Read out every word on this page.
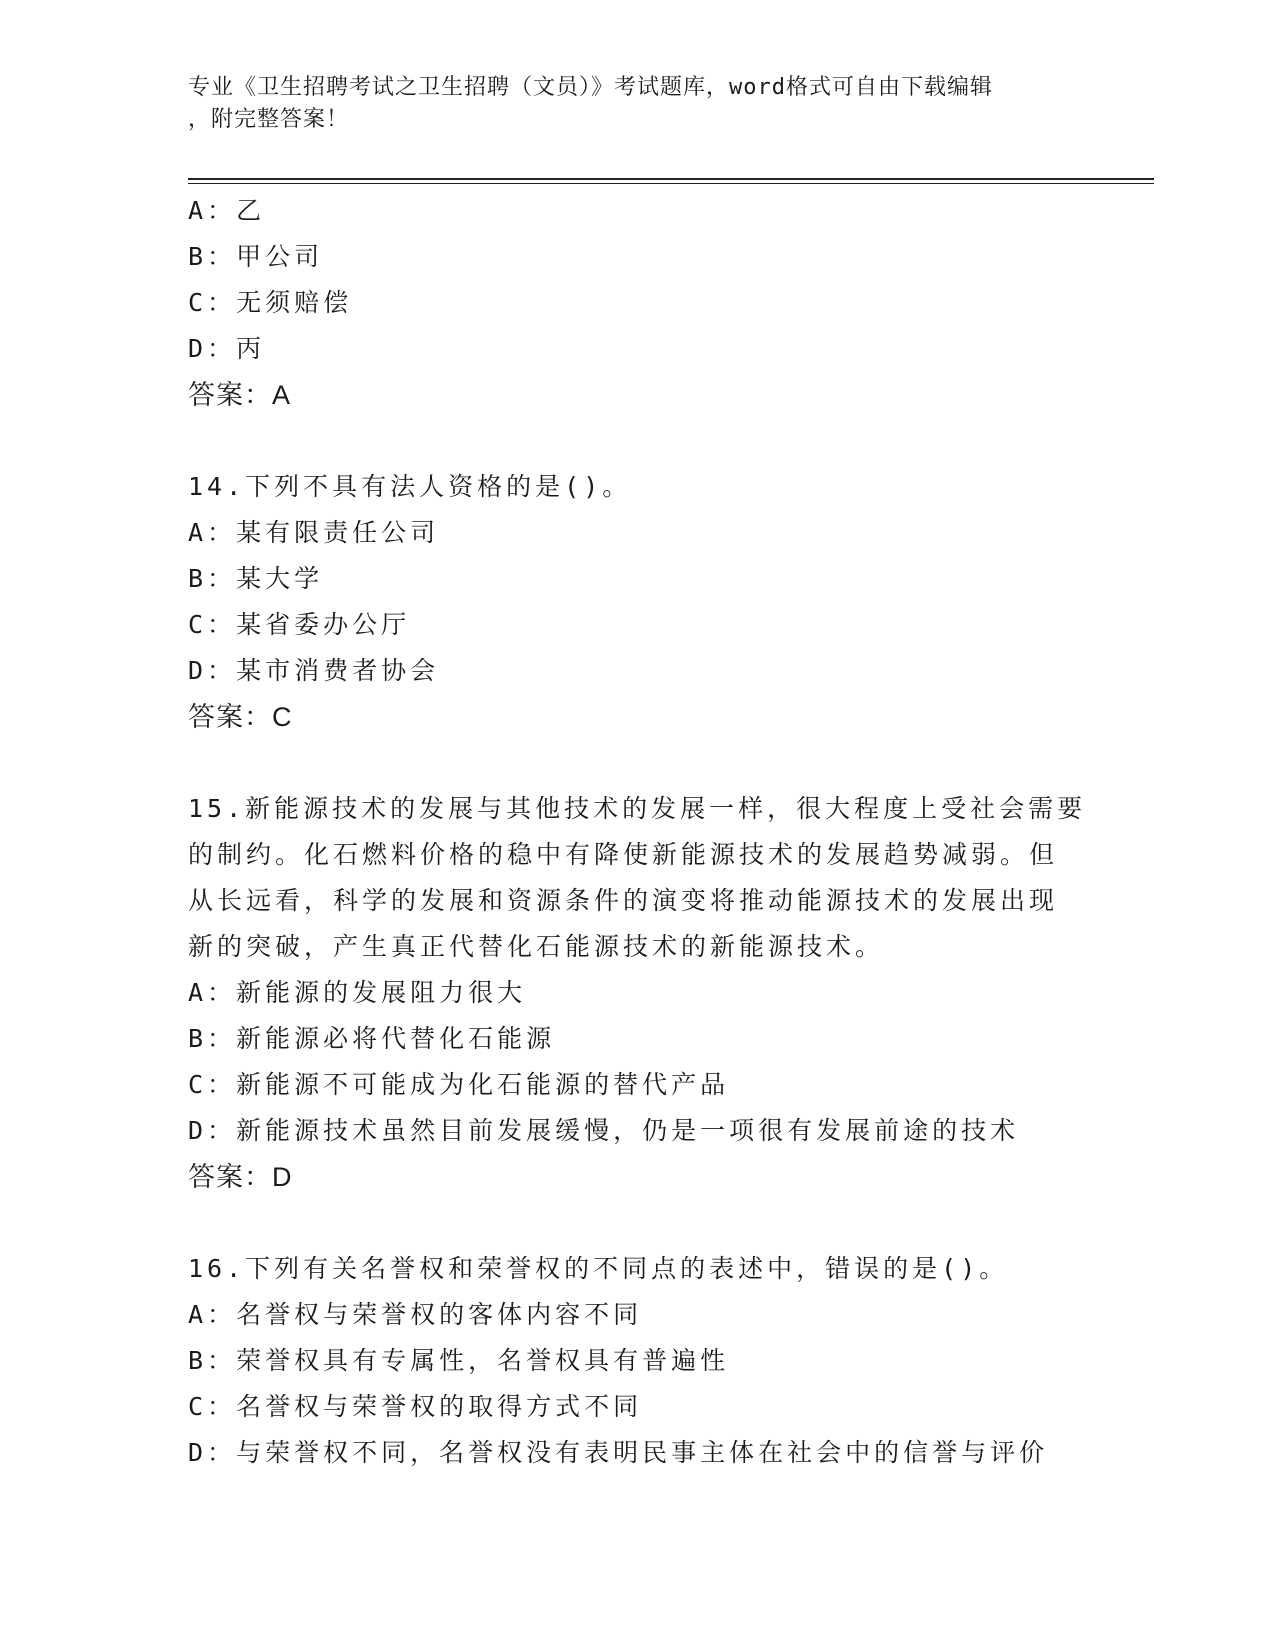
专业《卫生招聘考试之卫生招聘（文员）》考试题库，word格式可自由下载编辑
，附完整答案！
A：乙
B：甲公司
C：无须赔偿
D：丙
答案：A
14.下列不具有法人资格的是()。
A：某有限责任公司
B：某大学
C：某省委办公厅
D：某市消费者协会
答案：C
15.新能源技术的发展与其他技术的发展一样，很大程度上受社会需要
的制约。化石燃料价格的稳中有降使新能源技术的发展趋势减弱。但
从长远看，科学的发展和资源条件的演变将推动能源技术的发展出现
新的突破，产生真正代替化石能源技术的新能源技术。
A：新能源的发展阻力很大
B：新能源必将代替化石能源
C：新能源不可能成为化石能源的替代产品
D：新能源技术虽然目前发展缓慢，仍是一项很有发展前途的技术
答案：D
16.下列有关名誉权和荣誉权的不同点的表述中，错误的是()。
A：名誉权与荣誉权的客体内容不同
B：荣誉权具有专属性，名誉权具有普遍性
C：名誉权与荣誉权的取得方式不同
D：与荣誉权不同，名誉权没有表明民事主体在社会中的信誉与评价
